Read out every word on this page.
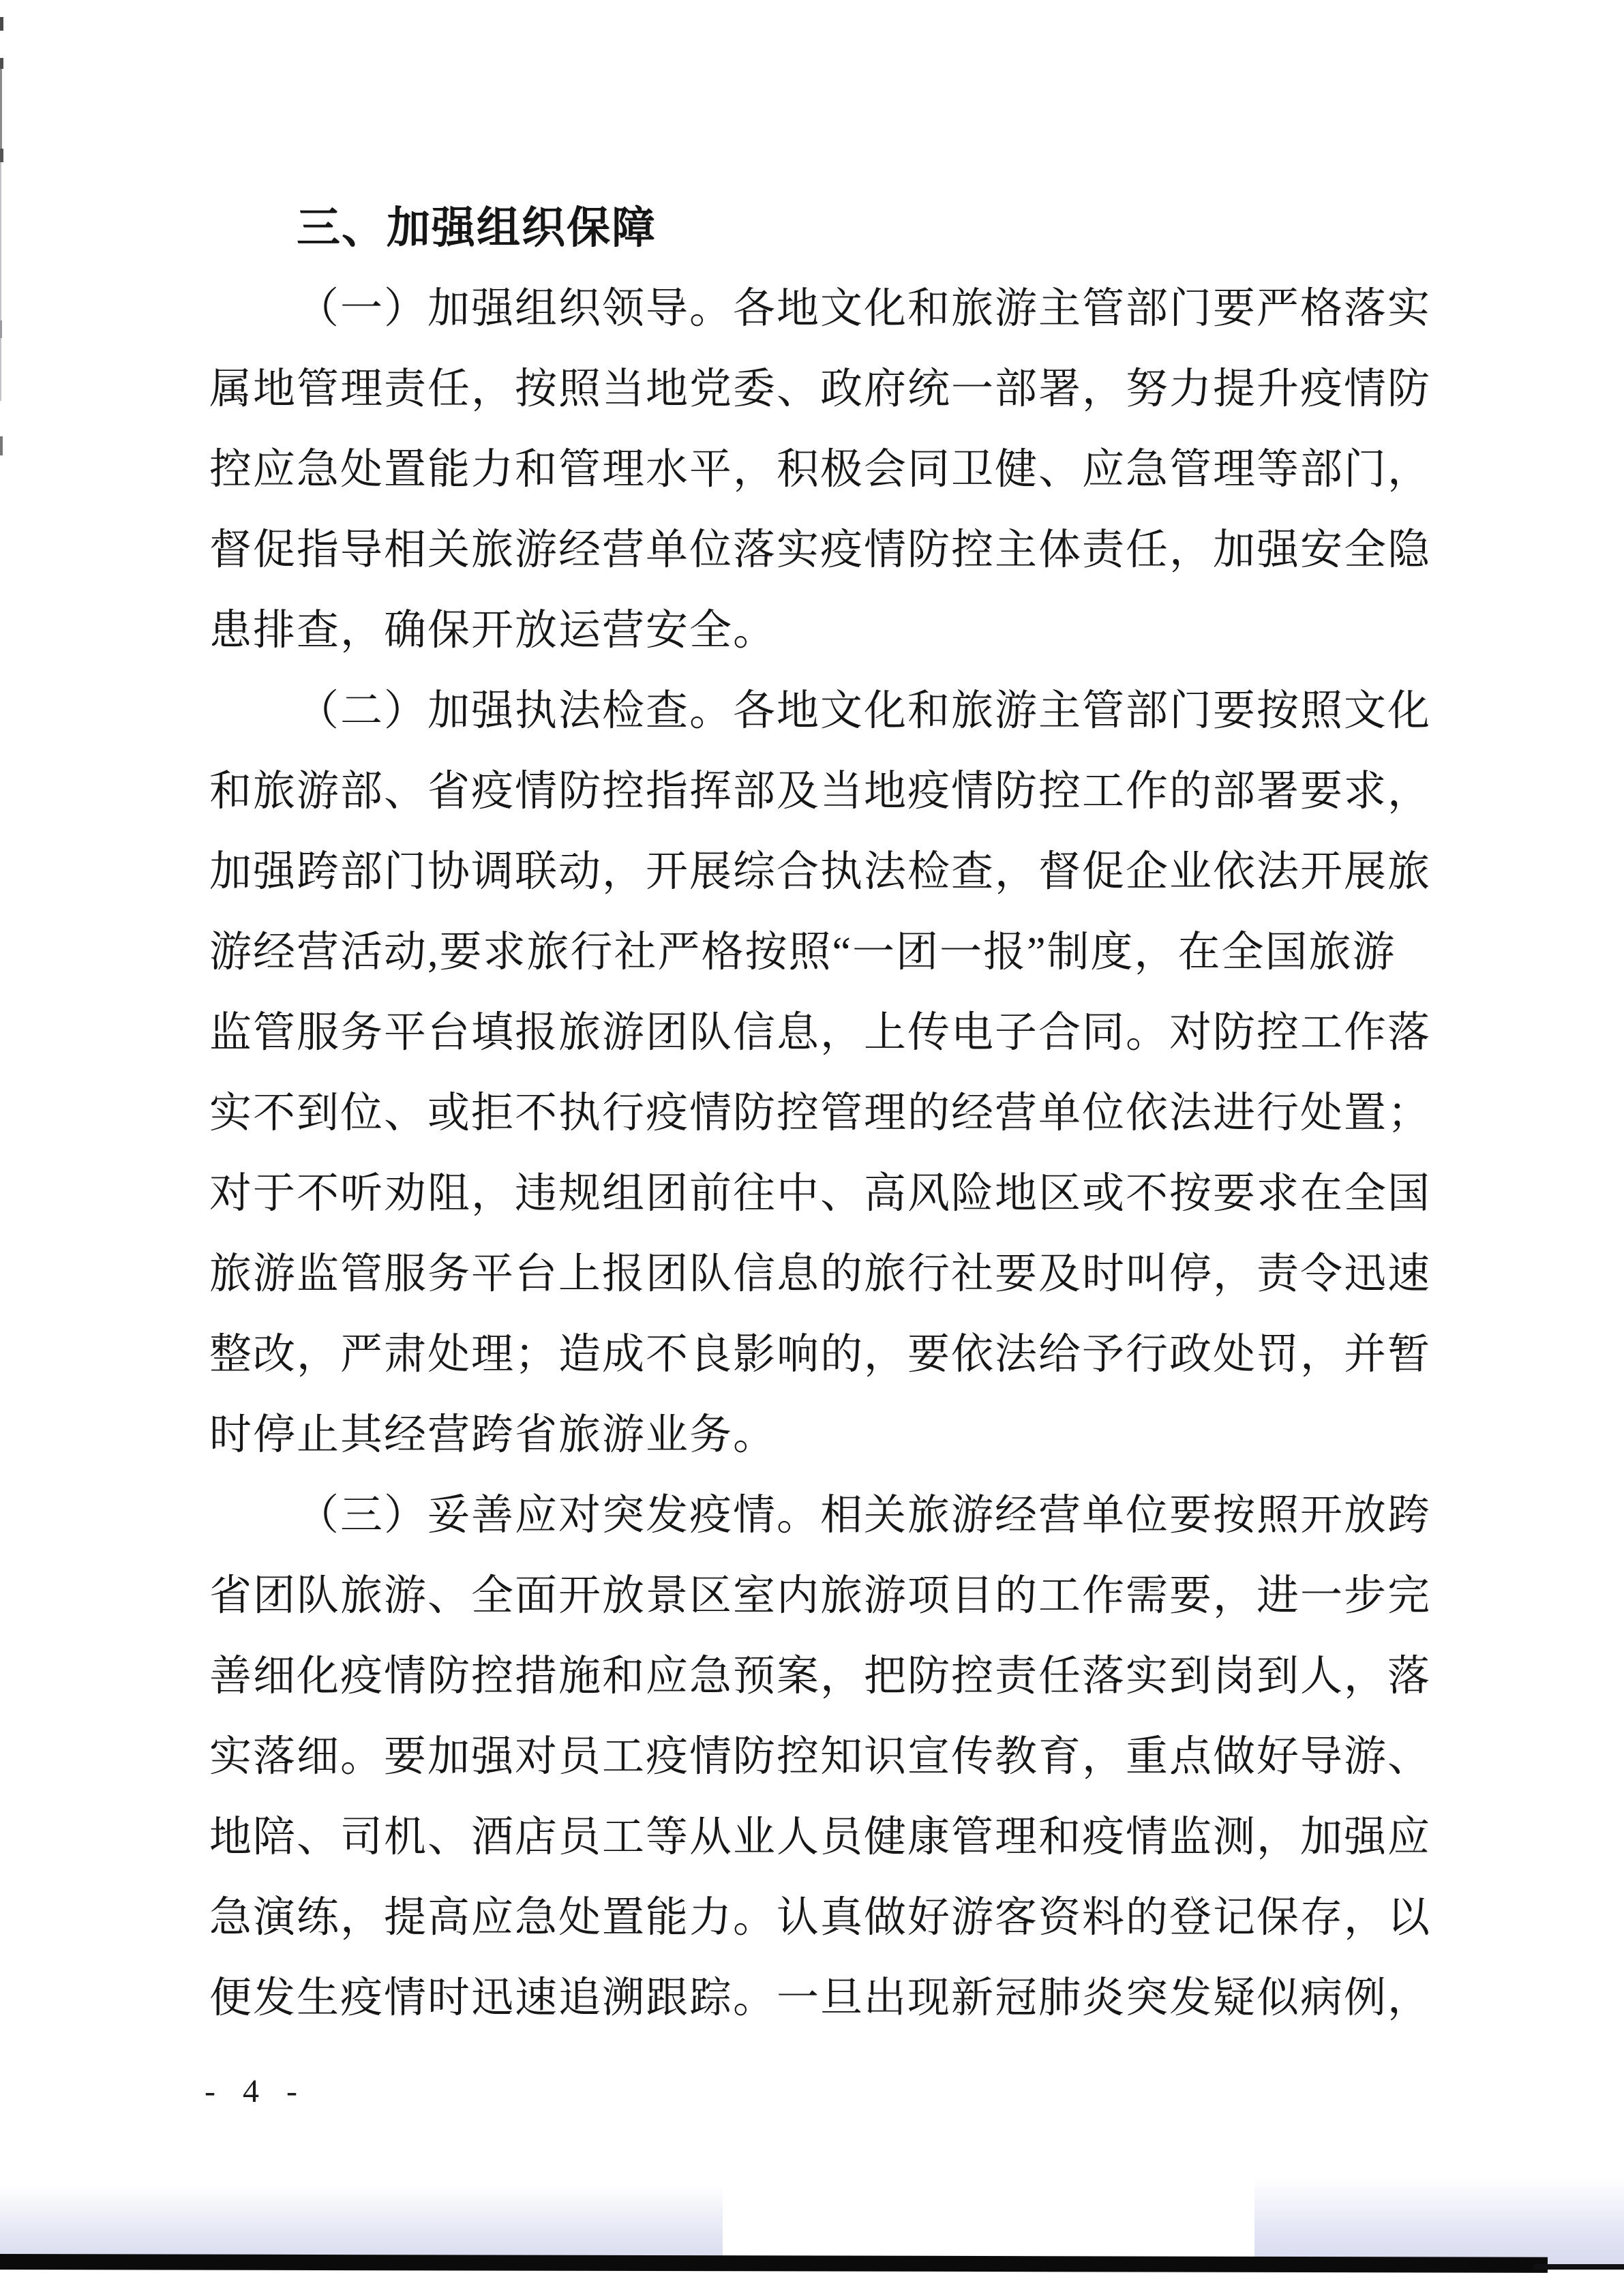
三、加强组织保障
（一）加强组织领导。各地文化和旅游主管部门要严格落实
属地管理责任，按照当地党委、政府统一部署，努力提升疫情防
控应急处置能力和管理水平，积极会同卫健、应急管理等部门，
督促指导相关旅游经营单位落实疫情防控主体责任，加强安全隐
患排查，确保开放运营安全。
（二）加强执法检查。各地文化和旅游主管部门要按照文化
和旅游部、省疫情防控指挥部及当地疫情防控工作的部署要求，
加强跨部门协调联动，开展综合执法检查，督促企业依法开展旅
游经营活动,要求旅行社严格按照“一团一报”制度，在全国旅游
监管服务平台填报旅游团队信息，上传电子合同。对防控工作落
实不到位、或拒不执行疫情防控管理的经营单位依法进行处置；
对于不听劝阻，违规组团前往中、高风险地区或不按要求在全国
旅游监管服务平台上报团队信息的旅行社要及时叫停，责令迅速
整改，严肃处理；造成不良影响的，要依法给予行政处罚，并暂
时停止其经营跨省旅游业务。
（三）妥善应对突发疫情。相关旅游经营单位要按照开放跨
省团队旅游、全面开放景区室内旅游项目的工作需要，进一步完
善细化疫情防控措施和应急预案，把防控责任落实到岗到人，落
实落细。要加强对员工疫情防控知识宣传教育，重点做好导游、
地陪、司机、酒店员工等从业人员健康管理和疫情监测，加强应
急演练，提高应急处置能力。认真做好游客资料的登记保存，以
便发生疫情时迅速追溯跟踪。一旦出现新冠肺炎突发疑似病例，
- 4 -
